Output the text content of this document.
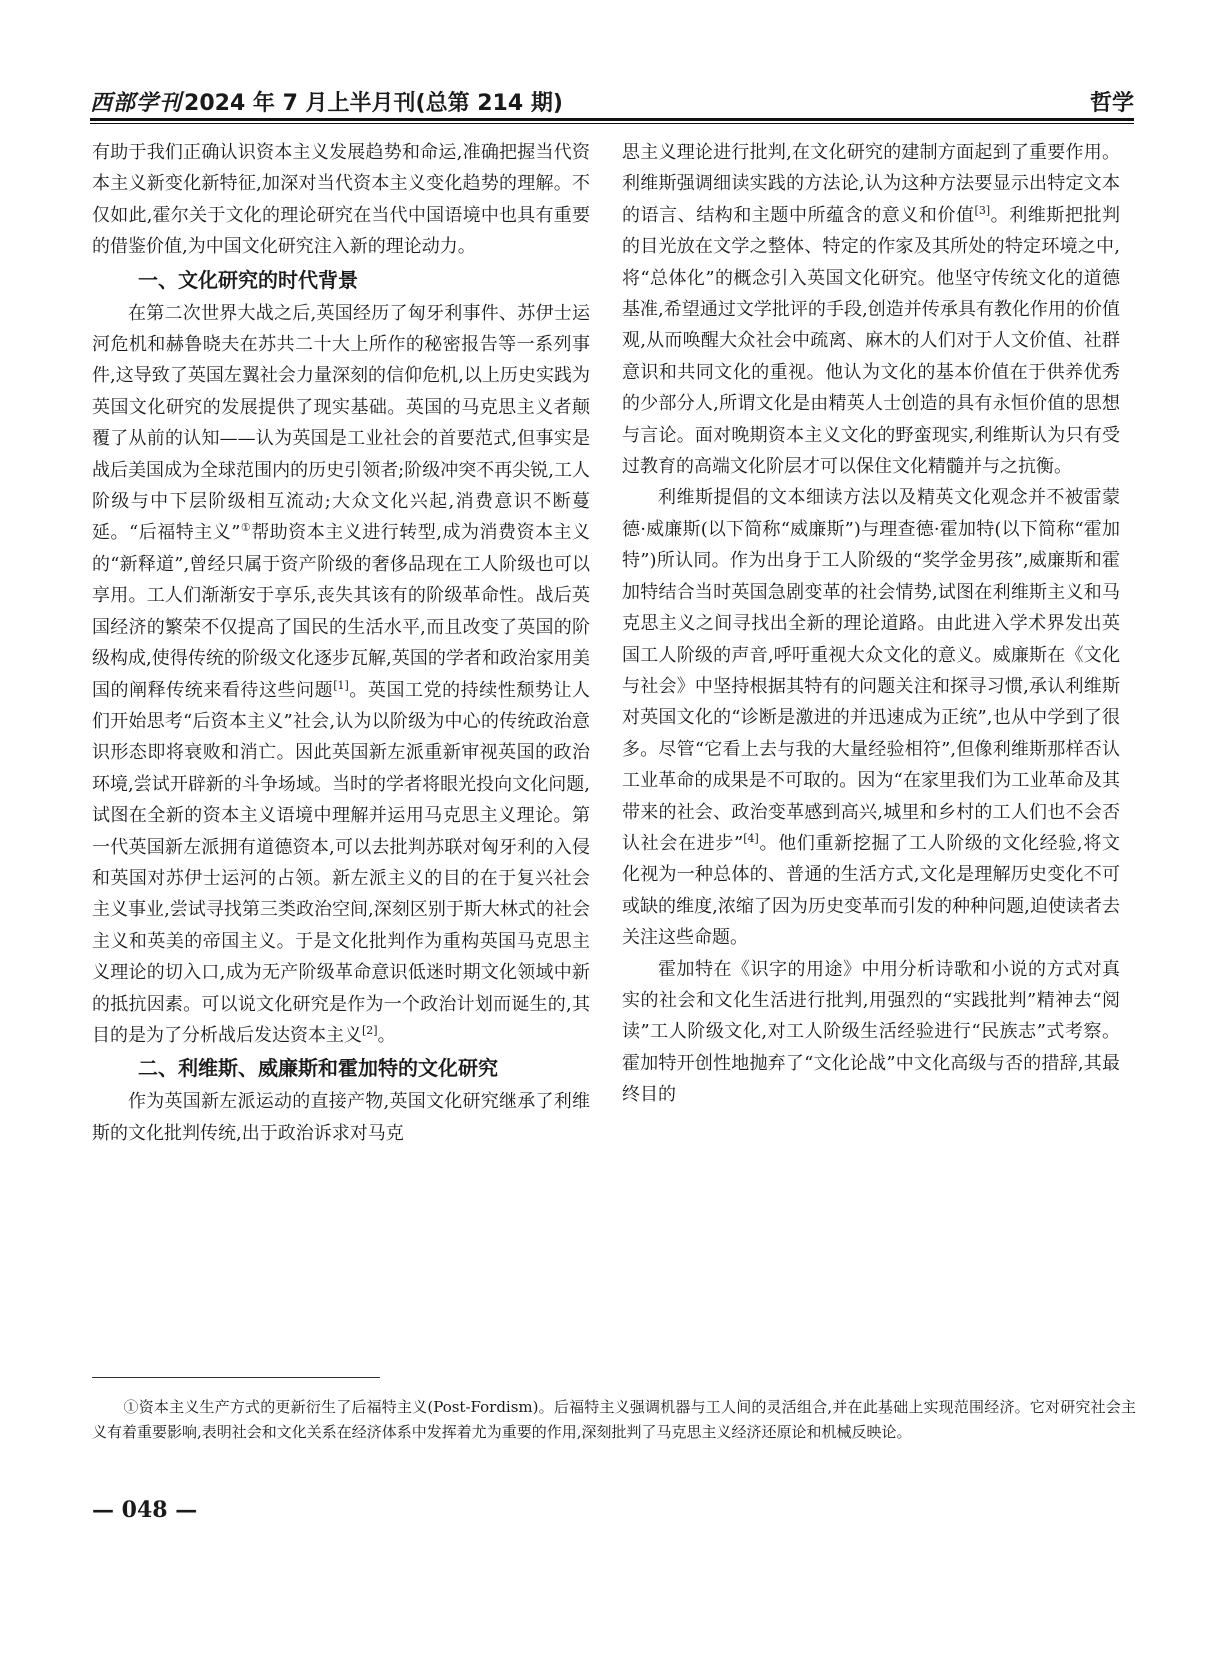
西部学刊2024 年 7 月上半月刊(总第 214 期)	哲学

有助于我们正确认识资本主义发展趋势和命运,准确把握当代资本主义新变化新特征,加深对当代资本主义变化趋势的理解。不仅如此,霍尔关于文化的理论研究在当代中国语境中也具有重要的借鉴价值,为中国文化研究注入新的理论动力。

一、文化研究的时代背景

在第二次世界大战之后,英国经历了匈牙利事件、苏伊士运河危机和赫鲁晓夫在苏共二十大上所作的秘密报告等一系列事件,这导致了英国左翼社会力量深刻的信仰危机,以上历史实践为英国文化研究的发展提供了现实基础。英国的马克思主义者颠覆了从前的认知——认为英国是工业社会的首要范式,但事实是战后美国成为全球范围内的历史引领者;阶级冲突不再尖锐,工人阶级与中下层阶级相互流动;大众文化兴起,消费意识不断蔓延。“后福特主义”①帮助资本主义进行转型,成为消费资本主义的“新释道”,曾经只属于资产阶级的奢侈品现在工人阶级也可以享用。工人们渐渐安于享乐,丧失其该有的阶级革命性。战后英国经济的繁荣不仅提高了国民的生活水平,而且改变了英国的阶级构成,使得传统的阶级文化逐步瓦解,英国的学者和政治家用美国的阐释传统来看待这些问题[1]。英国工党的持续性颓势让人们开始思考“后资本主义”社会,认为以阶级为中心的传统政治意识形态即将衰败和消亡。因此英国新左派重新审视英国的政治环境,尝试开辟新的斗争场域。当时的学者将眼光投向文化问题,试图在全新的资本主义语境中理解并运用马克思主义理论。第一代英国新左派拥有道德资本,可以去批判苏联对匈牙利的入侵和英国对苏伊士运河的占领。新左派主义的目的在于复兴社会主义事业,尝试寻找第三类政治空间,深刻区别于斯大林式的社会主义和英美的帝国主义。于是文化批判作为重构英国马克思主义理论的切入口,成为无产阶级革命意识低迷时期文化领域中新的抵抗因素。可以说文化研究是作为一个政治计划而诞生的,其目的是为了分析战后发达资本主义[2]。

二、利维斯、威廉斯和霍加特的文化研究

作为英国新左派运动的直接产物,英国文化研究继承了利维斯的文化批判传统,出于政治诉求对马克

思主义理论进行批判,在文化研究的建制方面起到了重要作用。利维斯强调细读实践的方法论,认为这种方法要显示出特定文本的语言、结构和主题中所蕴含的意义和价值[3]。利维斯把批判的目光放在文学之整体、特定的作家及其所处的特定环境之中,将“总体化”的概念引入英国文化研究。他坚守传统文化的道德基准,希望通过文学批评的手段,创造并传承具有教化作用的价值观,从而唤醒大众社会中疏离、麻木的人们对于人文价值、社群意识和共同文化的重视。他认为文化的基本价值在于供养优秀的少部分人,所谓文化是由精英人士创造的具有永恒价值的思想与言论。面对晚期资本主义文化的野蛮现实,利维斯认为只有受过教育的高端文化阶层才可以保住文化精髓并与之抗衡。

利维斯提倡的文本细读方法以及精英文化观念并不被雷蒙德·威廉斯(以下简称“威廉斯”)与理查德·霍加特(以下简称“霍加特”)所认同。作为出身于工人阶级的“奖学金男孩”,威廉斯和霍加特结合当时英国急剧变革的社会情势,试图在利维斯主义和马克思主义之间寻找出全新的理论道路。由此进入学术界发出英国工人阶级的声音,呼吁重视大众文化的意义。威廉斯在《文化与社会》中坚持根据其特有的问题关注和探寻习惯,承认利维斯对英国文化的“诊断是激进的并迅速成为正统”,也从中学到了很多。尽管“它看上去与我的大量经验相符”,但像利维斯那样否认工业革命的成果是不可取的。因为“在家里我们为工业革命及其带来的社会、政治变革感到高兴,城里和乡村的工人们也不会否认社会在进步”[4]。他们重新挖掘了工人阶级的文化经验,将文化视为一种总体的、普通的生活方式,文化是理解历史变化不可或缺的维度,浓缩了因为历史变革而引发的种种问题,迫使读者去关注这些命题。

霍加特在《识字的用途》中用分析诗歌和小说的方式对真实的社会和文化生活进行批判,用强烈的“实践批判”精神去“阅读”工人阶级文化,对工人阶级生活经验进行“民族志”式考察。霍加特开创性地抛弃了“文化论战”中文化高级与否的措辞,其最终目的

①资本主义生产方式的更新衍生了后福特主义(Post-Fordism)。后福特主义强调机器与工人间的灵活组合,并在此基础上实现范围经济。它对研究社会主义有着重要影响,表明社会和文化关系在经济体系中发挥着尤为重要的作用,深刻批判了马克思主义经济还原论和机械反映论。
— 048 —
